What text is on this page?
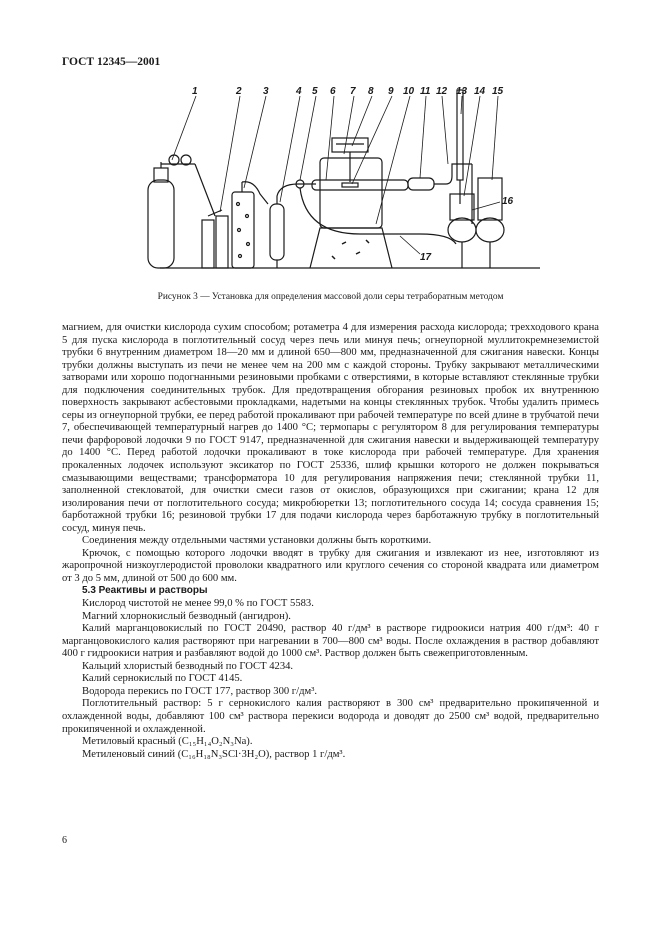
ГОСТ 12345—2001
1	2 3	4 5 6 7 8 9 10 11 12 13 14 15
16
17
Рисунок 3 — Установка для определения массовой доли серы тетраборатным методом

магнием, для очистки кислорода сухим способом; ротаметра 4 для измерения расхода кислорода; трехходового крана 5 для пуска кислорода в поглотительный сосуд через печь или минуя печь; огнеупорной муллитокремнеземистой трубки 6 внутренним диаметром 18—20 мм и длиной 650—800 мм, предназначенной для сжигания навески. Концы трубки должны выступать из печи не менее чем на 200 мм с каждой стороны. Трубку закрывают металлическими затворами или хорошо подогнанными резиновыми пробками с отверстиями, в которые вставляют стеклянные трубки для подключения соединительных трубок. Для предотвращения обгорания резиновых пробок их внутреннюю поверхность закрывают асбестовыми прокладками, надетыми на концы стеклянных трубок. Чтобы удалить примесь серы из огнеупорной трубки, ее перед работой прокаливают при рабочей температуре по всей длине в трубчатой печи 7, обеспечивающей температурный нагрев до 1400 °С; термопары с регулятором 8 для регулирования температуры печи фарфоровой лодочки 9 по ГОСТ 9147, предназначенной для сжигания навески и выдерживающей температуру до 1400 °С. Перед работой лодочки прокаливают в токе кислорода при рабочей температуре. Для хранения прокаленных лодочек используют эксикатор по ГОСТ 25336, шлиф крышки которого не должен покрываться смазывающими веществами; трансформатора 10 для регулирования напряжения печи; стеклянной трубки 11, заполненной стекловатой, для очистки смеси газов от окислов, образующихся при сжигании; крана 12 для изолирования печи от поглотительного сосуда; микробюретки 13; поглотительного сосуда 14; сосуда сравнения 15; барботажной трубки 16; резиновой трубки 17 для подачи кислорода через барботажную трубку в поглотительный сосуд, минуя печь.

Соединения между отдельными частями установки должны быть короткими.

Крючок, с помощью которого лодочки вводят в трубку для сжигания и извлекают из нее, изготовляют из жаропрочной низкоуглеродистой проволоки квадратного или круглого сечения со стороной квадрата или диаметром от 3 до 5 мм, длиной от 500 до 600 мм.

5.3 Реактивы и растворы

Кислород чистотой не менее 99,0 % по ГОСТ 5583.

Магний хлорнокислый безводный (ангидрон).

Калий марганцовокислый по ГОСТ 20490, раствор 40 г/дм³ в растворе гидроокиси натрия 400 г/дм³: 40 г марганцовокислого калия растворяют при нагревании в 700—800 см³ воды. После охлаждения в раствор добавляют 400 г гидроокиси натрия и разбавляют водой до 1000 см³. Раствор должен быть свежеприготовленным.

Кальций хлористый безводный по ГОСТ 4234.

Калий сернокислый по ГОСТ 4145.

Водорода перекись по ГОСТ 177, раствор 300 г/дм³.

Поглотительный раствор: 5 г сернокислого калия растворяют в 300 см³ предварительно прокипяченной и охлажденной воды, добавляют 100 см³ раствора перекиси водорода и доводят до 2500 см³ водой, предварительно прокипяченной и охлажденной.

Метиловый красный (C₁₅H₁₄O₂N₃Na).

Метиленовый синий (C₁₆H₁₈N₃SCl·3H₂O), раствор 1 г/дм³.

6
